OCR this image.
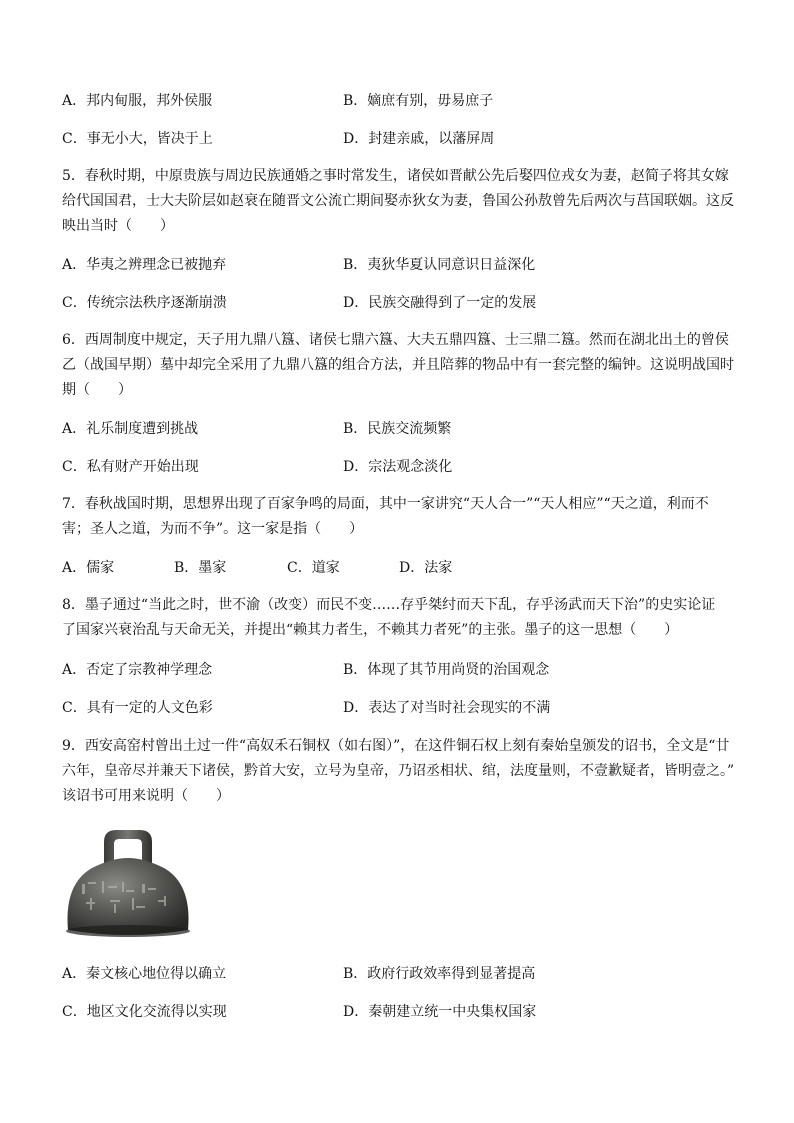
A．邦内甸服，邦外侯服	B．嫡庶有别，毋易庶子
C．事无小大，皆决于上	D．封建亲戚，以藩屏周
5．春秋时期，中原贵族与周边民族通婚之事时常发生，诸侯如晋献公先后娶四位戎女为妻，赵简子将其女嫁
给代国国君，士大夫阶层如赵衰在随晋文公流亡期间娶赤狄女为妻，鲁国公孙敖曾先后两次与莒国联姻。这反
映出当时（　　）
A．华夷之辨理念已被抛弃	B．夷狄华夏认同意识日益深化
C．传统宗法秩序逐渐崩溃	D．民族交融得到了一定的发展
6．西周制度中规定，天子用九鼎八簋、诸侯七鼎六簋、大夫五鼎四簋、士三鼎二簋。然而在湖北出土的曾侯
乙（战国早期）墓中却完全采用了九鼎八簋的组合方法，并且陪葬的物品中有一套完整的编钟。这说明战国时
期（　　）
A．礼乐制度遭到挑战	B．民族交流频繁
C．私有财产开始出现	D．宗法观念淡化
7．春秋战国时期，思想界出现了百家争鸣的局面，其中一家讲究“天人合一”“天人相应”“天之道，利而不
害；圣人之道，为而不争”。这一家是指（　　）
A．儒家	B．墨家	C．道家	D．法家
8．墨子通过“当此之时，世不渝（改变）而民不变……存乎桀纣而天下乱，存乎汤武而天下治”的史实论证
了国家兴衰治乱与天命无关，并提出“赖其力者生，不赖其力者死”的主张。墨子的这一思想（　　）
A．否定了宗教神学理念	B．体现了其节用尚贤的治国观念
C．具有一定的人文色彩	D．表达了对当时社会现实的不满
9．西安高窑村曾出土过一件“高奴禾石铜权（如右图）”，在这件铜石权上刻有秦始皇颁发的诏书，全文是“廿
六年，皇帝尽并兼天下诸侯，黔首大安，立号为皇帝，乃诏丞相状、绾，法度量则，不壹歉疑者，皆明壹之。”
该诏书可用来说明（　　）
A．秦文核心地位得以确立	B．政府行政效率得到显著提高
C．地区文化交流得以实现	D．秦朝建立统一中央集权国家
